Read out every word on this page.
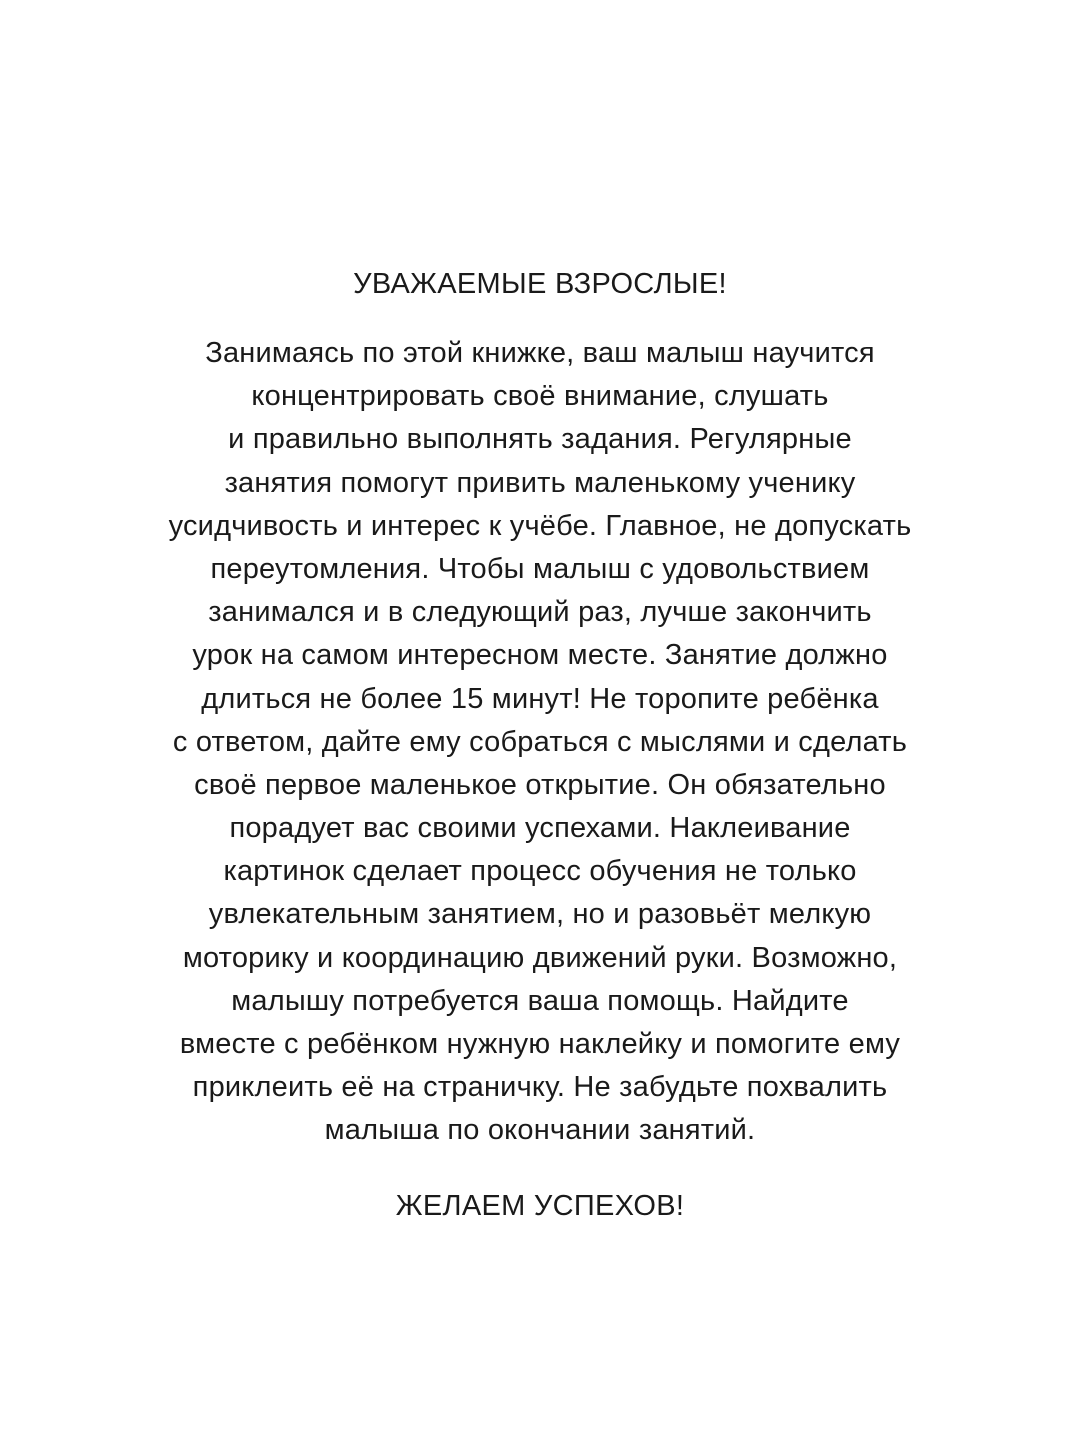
УВАЖАЕМЫЕ ВЗРОСЛЫЕ!
Занимаясь по этой книжке, ваш малыш научится
концентрировать своё внимание, слушать
и правильно выполнять задания. Регулярные
занятия помогут привить маленькому ученику
усидчивость и интерес к учёбе. Главное, не допускать
переутомления. Чтобы малыш с удовольствием
занимался и в следующий раз, лучше закончить
урок на самом интересном месте. Занятие должно
длиться не более 15 минут! Не торопите ребёнка
с ответом, дайте ему собраться с мыслями и сделать
своё первое маленькое открытие. Он обязательно
порадует вас своими успехами. Наклеивание
картинок сделает процесс обучения не только
увлекательным занятием, но и разовьёт мелкую
моторику и координацию движений руки. Возможно,
малышу потребуется ваша помощь. Найдите
вместе с ребёнком нужную наклейку и помогите ему
приклеить её на страничку. Не забудьте похвалить
малыша по окончании занятий.
ЖЕЛАЕМ УСПЕХОВ!
